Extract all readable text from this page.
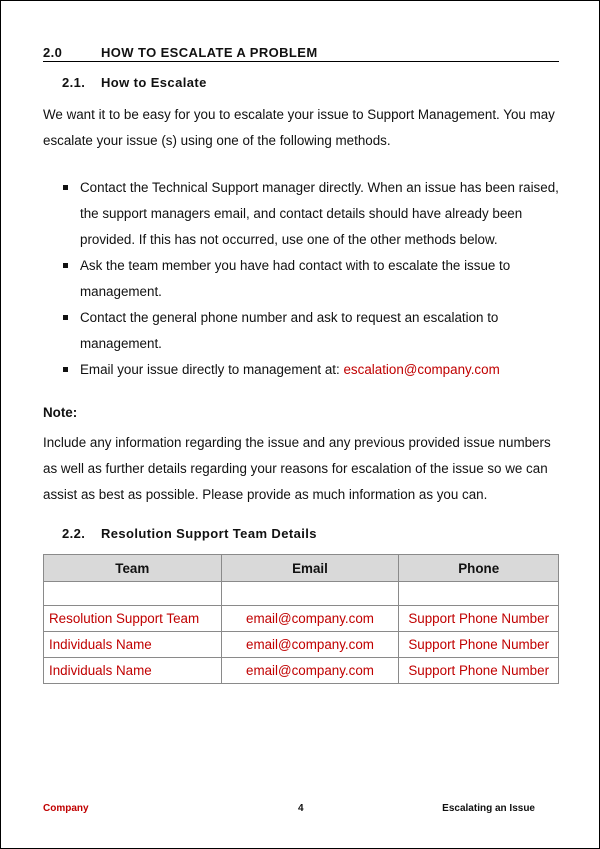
2.0	HOW TO ESCALATE A PROBLEM
2.1. How to Escalate

We want it to be easy for you to escalate your issue to Support Management. You may escalate your issue (s) using one of the following methods.

Contact the Technical Support manager directly. When an issue has been raised, the support managers email, and contact details should have already been provided. If this has not occurred, use one of the other methods below.
Ask the team member you have had contact with to escalate the issue to management.
Contact the general phone number and ask to request an escalation to management.
Email your issue directly to management at: escalation@company.com
Note:

Include any information regarding the issue and any previous provided issue numbers as well as further details regarding your reasons for escalation of the issue so we can assist as best as possible. Please provide as much information as you can.

2.2. Resolution Support Team Details
Team	Email	Phone

Resolution Support Team	email@company.com	Support Phone Number
Individuals Name	email@company.com	Support Phone Number
Individuals Name	email@company.com	Support Phone Number
Company	4	Escalating an Issue
